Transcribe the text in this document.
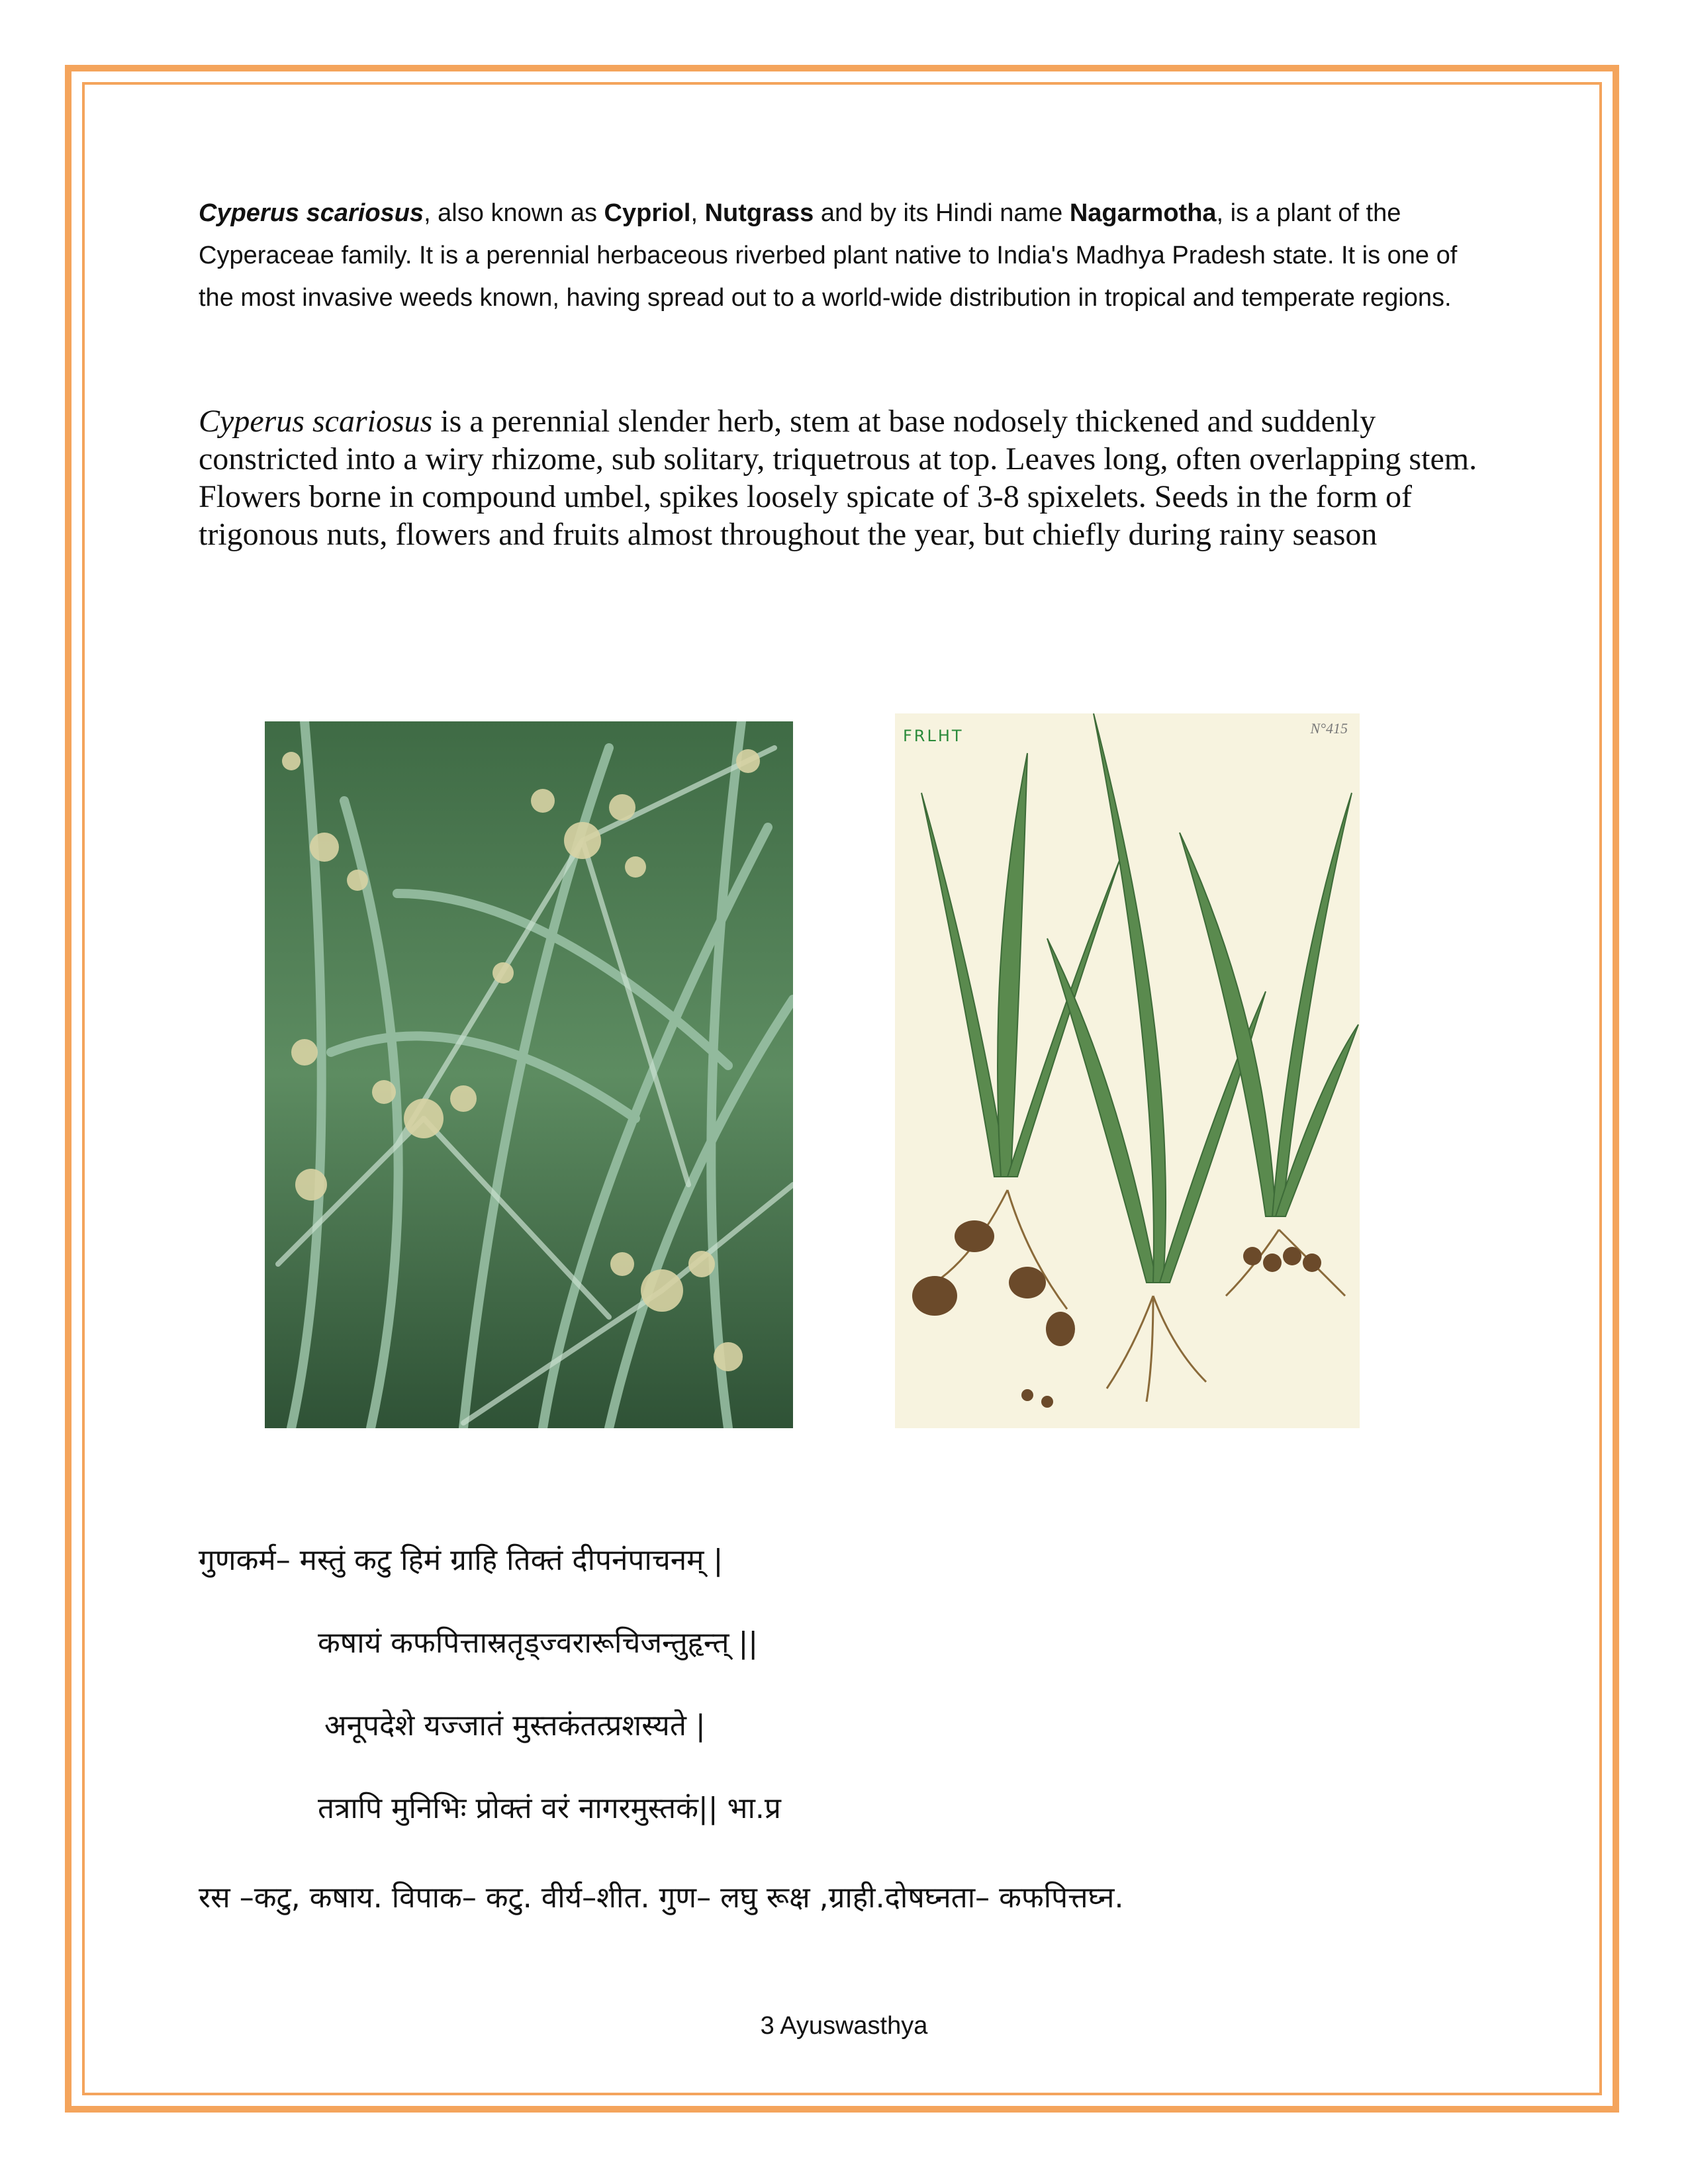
Cyperus scariosus, also known as Cypriol, Nutgrass and by its Hindi name Nagarmotha, is a plant of the Cyperaceae family. It is a perennial herbaceous riverbed plant native to India's Madhya Pradesh state. It is one of the most invasive weeds known, having spread out to a world-wide distribution in tropical and temperate regions.

Cyperus scariosus is a perennial slender herb, stem at base nodosely thickened and suddenly constricted into a wiry rhizome, sub solitary, triquetrous at top. Leaves long, often overlapping stem. Flowers borne in compound umbel, spikes loosely spicate of 3-8 spixelets. Seeds in the form of trigonous nuts, flowers and fruits almost throughout the year, but chiefly during rainy season

FRLHT	N°415
गुणकर्म– मस्तुं कटु हिमं ग्राहि तिक्तं दीपनंपाचनम् |
कषायं कफपित्तास्रतृड्ज्वरारूचिजन्तुहृन्त् ||
अनूपदेशे यज्जातं मुस्तकंतत्प्रशस्यते |
तत्रापि मुनिभिः प्रोक्तं वरं नागरमुस्तकं|| भा.प्र
रस –कटु, कषाय. विपाक– कटु. वीर्य–शीत. गुण– लघु रूक्ष ,ग्राही.दोषघ्नता– कफपित्तघ्न.
3 Ayuswasthya
